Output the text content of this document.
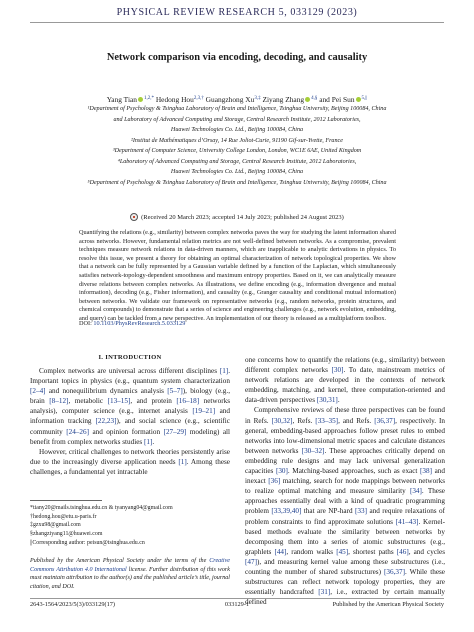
PHYSICAL REVIEW RESEARCH 5, 033129 (2023)
Network comparison via encoding, decoding, and causality
Yang Tian $^{1,2,*}$ Hedong Hou$^{2,3,\dagger}$ Guangzhong $Xu^{3,\ddagger}$ Ziyang Zhang $^{4,\S}$ and Pei Sun $^{5,||}$
¹Department of Psychology & Tsinghua Laboratory of Brain and Intelligence, Tsinghua University, Beijing 100084, China
and Laboratory of Advanced Computing and Storage, Central Research Institute, 2012 Laboratories,
Huawei Technologies Co. Ltd., Beijing 100084, China
²Institut de Mathématiques d’Orsay, 14 Rue Joliot-Curie, 91190 Gif-sur-Yvette, France
³Department of Computer Science, University College London, London, WC1E 6AE, United Kingdom
⁴Laboratory of Advanced Computing and Storage, Central Research Institute, 2012 Laboratories,
Huawei Technologies Co. Ltd., Beijing 100084, China
⁵Department of Psychology & Tsinghua Laboratory of Brain and Intelligence, Tsinghua University, Beijing 100084, China
(Received 20 March 2023; accepted 14 July 2023; published 24 August 2023)

Quantifying the relations (e.g., similarity) between complex networks paves the way for studying the latent information shared across networks. However, fundamental relation metrics are not well-defined between networks. As a compromise, prevalent techniques measure network relations in data-driven manners, which are inapplicable to analytic derivations in physics. To resolve this issue, we present a theory for obtaining an optimal characterization of network topological properties. We show that a network can be fully represented by a Gaussian variable defined by a function of the Laplacian, which simultaneously satisfies network-topology-dependent smoothness and maximum entropy properties. Based on it, we can analytically measure diverse relations between complex networks. As illustrations, we define encoding (e.g., information divergence and mutual information), decoding (e.g., Fisher information), and causality (e.g., Granger causality and conditional mutual information) between networks. We validate our framework on representative networks (e.g., random networks, protein structures, and chemical compounds) to demonstrate that a series of science and engineering challenges (e.g., network evolution, embedding, and query) can be tackled from a new perspective. An implementation of our theory is released as a multiplatform toolbox.

DOI: 10.1103/PhysRevResearch.5.033129
I. INTRODUCTION

Complex networks are universal across different disciplines [1]. Important topics in physics (e.g., quantum system characterization [2–4] and nonequilibrium dynamics analysis [5–7]), biology (e.g., brain [8–12], metabolic [13–15], and protein [16–18] networks analysis), computer science (e.g., internet analysis [19–21] and information tracking [22,23]), and social science (e.g., scientific community [24–26] and opinion formation [27–29] modeling) all benefit from complex networks studies [1].

However, critical challenges to network theories persistently arise due to the increasingly diverse application needs [1]. Among these challenges, a fundamental yet intractable

one concerns how to quantify the relations (e.g., similarity) between different complex networks [30]. To date, mainstream metrics of network relations are developed in the contexts of network embedding, matching, and kernel, three computation-oriented and data-driven perspectives [30,31].

Comprehensive reviews of these three perspectives can be found in Refs. [30,32], Refs. [33–35], and Refs. [36,37], respectively. In general, embedding-based approaches follow preset rules to embed networks into low-dimensional metric spaces and calculate distances between networks [30–32]. These approaches critically depend on embedding rule designs and may lack universal generalization capacities [30]. Matching-based approaches, such as exact [38] and inexact [36] matching, search for node mappings between networks to realize optimal matching and measure similarity [34]. These approaches essentially deal with a kind of quadratic programming problem [33,39,40] that are NP-hard [33] and require relaxations of problem constraints to find approximate solutions [41–43]. Kernel-based methods evaluate the similarity between networks by decomposing them into a series of atomic substructures (e.g., graphlets [44], random walks [45], shortest paths [46], and cycles [47]), and measuring kernel value among these substructures (i.e., counting the number of shared substructures) [36,37]. While these substructures can reflect network topology properties, they are essentially handcrafted [31], i.e., extracted by certain manually defined

*tiany20@mails.tsinghua.edu.cn & tyanyang04@gmail.com
†hedong.hou@etu.u-paris.fr
‡gzxu98@gmail.com
§zhangziyang11@huawei.com
||Corresponding author: peisun@tsinghua.edu.cn
Published by the American Physical Society under the terms of the Creative Commons Attribution 4.0 International license. Further distribution of this work must maintain attribution to the author(s) and the published article’s title, journal citation, and DOI.
2643-1564/2023/5(3)/033129(17)	033129-1	Published by the American Physical Society
